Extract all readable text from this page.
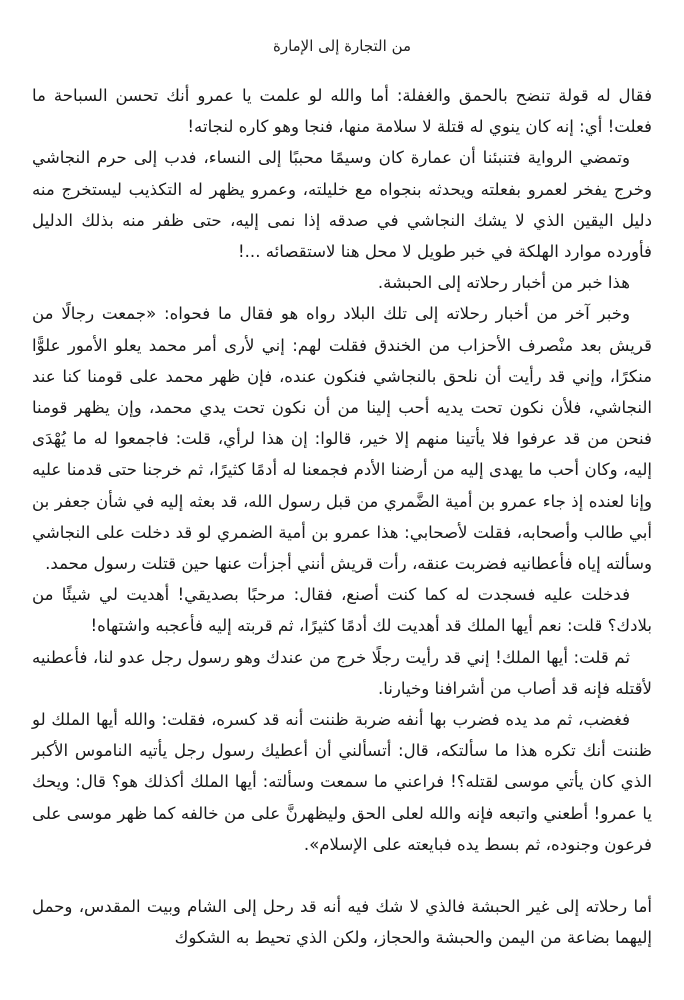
من التجارة إلى الإمارة

فقال له قولة تنضح بالحمق والغفلة: أما والله لو علمت يا عمرو أنك تحسن السباحة ما فعلت! أي: إنه كان ينوي له قتلة لا سلامة منها، فنجا وهو كاره لنجاته!

وتمضي الرواية فتنبئنا أن عمارة كان وسيمًا محببًا إلى النساء، فدب إلى حرم النجاشي وخرج يفخر لعمرو بفعلته ويحدثه بنجواه مع خليلته، وعمرو يظهر له التكذيب ليستخرج منه دليل اليقين الذي لا يشك النجاشي في صدقه إذا نمى إليه، حتى ظفر منه بذلك الدليل فأورده موارد الهلكة في خبر طويل لا محل هنا لاستقصائه ...!

هذا خبر من أخبار رحلاته إلى الحبشة.

وخبر آخر من أخبار رحلاته إلى تلك البلاد رواه هو فقال ما فحواه: «جمعت رجالًا من قريش بعد منْصرف الأحزاب من الخندق فقلت لهم: إني لأرى أمر محمد يعلو الأمور علوًّا منكرًا، وإني قد رأيت أن نلحق بالنجاشي فنكون عنده، فإن ظهر محمد على قومنا كنا عند النجاشي، فلأن نكون تحت يديه أحب إلينا من أن نكون تحت يدي محمد، وإن يظهر قومنا فنحن من قد عرفوا فلا يأتينا منهم إلا خير، قالوا: إن هذا لرأي، قلت: فاجمعوا له ما يُهْدَى إليه، وكان أحب ما يهدى إليه من أرضنا الأدم فجمعنا له أدمًا كثيرًا، ثم خرجنا حتى قدمنا عليه وإنا لعنده إذ جاء عمرو بن أمية الضَّمري من قبل رسول الله، قد بعثه إليه في شأن جعفر بن أبي طالب وأصحابه، فقلت لأصحابي: هذا عمرو بن أمية الضمري لو قد دخلت على النجاشي وسألته إياه فأعطانيه فضربت عنقه، رأت قريش أنني أجزأت عنها حين قتلت رسول محمد.

فدخلت عليه فسجدت له كما كنت أصنع، فقال: مرحبًا بصديقي! أهديت لي شيئًا من بلادك؟ قلت: نعم أيها الملك قد أهديت لك أدمًا كثيرًا، ثم قربته إليه فأعجبه واشتهاه!

ثم قلت: أيها الملك! إني قد رأيت رجلًا خرج من عندك وهو رسول رجل عدو لنا، فأعطنيه لأقتله فإنه قد أصاب من أشرافنا وخيارنا.

فغضب، ثم مد يده فضرب بها أنفه ضربة ظننت أنه قد كسره، فقلت: والله أيها الملك لو ظننت أنك تكره هذا ما سألتكه، قال: أتسألني أن أعطيك رسول رجل يأتيه الناموس الأكبر الذي كان يأتي موسى لقتله؟! فراعني ما سمعت وسألته: أيها الملك أكذلك هو؟ قال: ويحك يا عمرو! أطعني واتبعه فإنه والله لعلى الحق وليظهرنَّ على من خالفه كما ظهر موسى على فرعون وجنوده، ثم بسط يده فبايعته على الإسلام».

أما رحلاته إلى غير الحبشة فالذي لا شك فيه أنه قد رحل إلى الشام وبيت المقدس، وحمل إليهما بضاعة من اليمن والحبشة والحجاز، ولكن الذي تحيط به الشكوك
